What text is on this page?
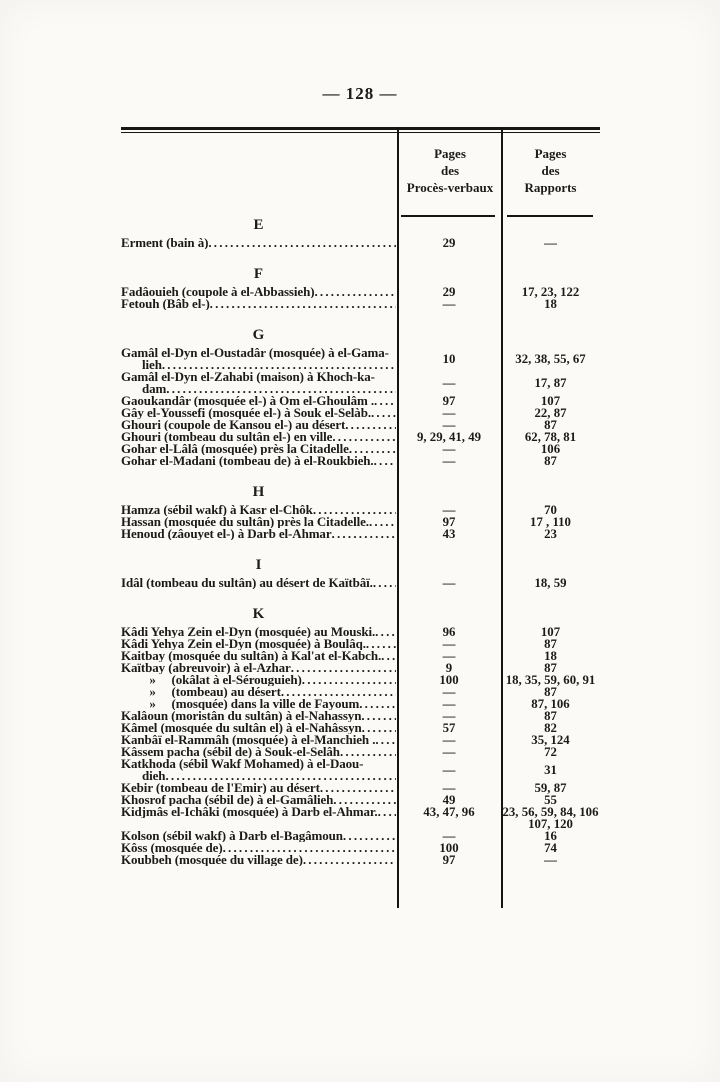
— 128 —
Pages
des
Procès-verbaux
Pages
des
Rapports
E
Erment (bain à) .....	29	—
F
Fadâouieh (coupole à el-Abbassieh) .....	29	17, 23, 122
Fetouh (Bâb el-) .....	—	18
G
Gamâl el-Dyn el-Oustadâr (mosquée) à el-Gama-
lieh .....	10	32, 38, 55, 67
Gamâl el-Dyn el-Zahabi (maison) à Khoch-ka-
dam .....	—	17, 87
Gaoukandâr (mosquée el-) à Om el-Ghoulâm . .....	97	107
Gây el-Youssefi (mosquée el-) à Souk el-Selàb. .....	—	22, 87
Ghouri (coupole de Kansou el-) au désert .....	—	87
Ghouri (tombeau du sultân el-) en ville .....	9, 29, 41, 49	62, 78, 81
Gohar el-Lâlâ (mosquée) près la Citadelle .....	—	106
Gohar el-Madani (tombeau de) à el-Roukbieh. .....	—	87
H
Hamza (sébil wakf) à Kasr el-Chôk .....	—	70
Hassan (mosquée du sultân) près la Citadelle. .....	97	17 , 110
Henoud (zâouyet el-) à Darb el-Ahmar .....	43	23
I
Idâl (tombeau du sultân) au désert de Kaïtbâï. .....	—	18, 59
K
Kâdi Yehya Zein el-Dyn (mosquée) au Mouski. .....	96	107
Kâdi Yehya Zein el-Dyn (mosquée) à Boulâq. .....	—	87
Kaitbay (mosquée du sultân) à Kal'at el-Kabch. .....	—	18
Kaïtbay (abreuvoir) à el-Azhar .....	9	87
»     (okâlat à el-Sérouguieh) .....	100	18, 35, 59, 60, 91
»     (tombeau) au désert .....	—	87
»     (mosquée) dans la ville de Fayoum .....	—	87, 106
Kalâoun (moristân du sultân) à el-Nahassyn .....	—	87
Kâmel (mosquée du sultân el) à el-Nahâssyn .....	57	82
Kanbâï el-Rammâh (mosquée) à el-Manchieh . .....	—	35, 124
Kâssem pacha (sébil de) à Souk-el-Selâh .....	—	72
Katkhoda (sébil Wakf Mohamed) à el-Daou-
dieh .....	—	31
Kebir (tombeau de l'Emir) au désert .....	—	59, 87
Khosrof pacha (sébil de) à el-Gamâlieh .....	49	55
Kidjmâs el-Ichâki (mosquée) à Darb el-Ahmar. .....	43, 47, 96	23, 56, 59, 84, 106
107, 120
Kolson (sébil wakf) à Darb el-Bagâmoun .....	—	16
Kôss (mosquée de) .....	100	74
Koubbeh (mosquée du village de) .....	97	—
